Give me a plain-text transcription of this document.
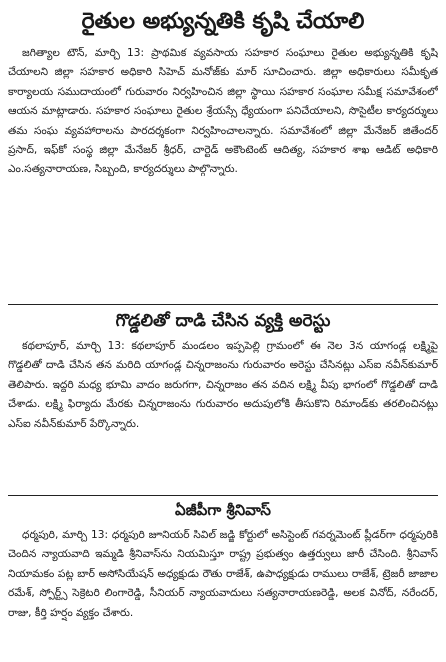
రైతుల అభ్యున్నతికి కృషి చేయాలి

జగిత్యాల టౌన్, మార్చి 13: ప్రాథమిక వ్యవసాయ సహకార సంఘాలు రైతుల అభ్యున్నతికి కృషి చేయాలని జిల్లా సహకార అధికారి సిహెచ్ మనోజ్‌కు మార్ సూచించారు. జిల్లా అధికారులు సమీకృత కార్యాలయ సముదాయంలో గురువారం నిర్వహించిన జిల్లా స్థాయి సహకార సంఘాల సమీక్ష సమావేశంలో ఆయన మాట్లాడారు. సహకార సంఘాలు రైతుల శ్రేయస్సే ధ్యేయంగా పనిచేయాలని, సొసైటీల కార్యదర్శులు తమ సంఘ వ్యవహారాలను పారదర్శకంగా నిర్వహించాలన్నారు. సమావేశంలో జిల్లా మేనేజర్ జితేందర్ ప్రసాద్, ఇఫ్‌కో సంస్థ జిల్లా మేనేజర్ శ్రీధర్, చార్టెడ్ అకౌంటెంట్ ఆదిత్య, సహకార శాఖ ఆడిట్ అధికారి ఎం.సత్యనారాయణ, సిబ్బంది, కార్యదర్శులు పాల్గొన్నారు.

గొడ్డలితో దాడి చేసిన వ్యక్తి అరెస్టు

కథలాపూర్, మార్చి 13: కథలాపూర్ మండలం ఇప్పపెల్లి గ్రామంలో ఈ నెల 3న యాగండ్ల లక్ష్మిపై గొడ్డలితో దాడి చేసిన తన మరిది యాగండ్ల చిన్నరాజంను గురువారం అరెస్టు చేసినట్లు ఎస్ఐ నవీన్‌కుమార్ తెలిపారు. ఇద్దరి మధ్య భూమి వాదం జరుగగా, చిన్నరాజం తన వదిన లక్ష్మి వీపు భాగంలో గొడ్డలితో దాడి చేశాడు. లక్ష్మి ఫిర్యాదు మేరకు చిన్నరాజంను గురువారం అదుపులోకి తీసుకొని రిమాండ్‌కు తరలించినట్లు ఎస్ఐ నవీన్‌కుమార్ పేర్కొన్నారు.

ఏజీపీగా శ్రీనివాస్

ధర్మపురి, మార్చి 13: ధర్మపురి జూనియర్ సివిల్ జడ్జి కోర్టులో అసిస్టెంట్ గవర్నమెంట్ ప్లీడర్‌గా ధర్మపురికి చెందిన న్యాయవాది ఇమ్మడి శ్రీనివాస్‌ను నియమిస్తూ రాష్ట్ర ప్రభుత్వం ఉత్తర్వులు జారీ చేసింది. శ్రీనివాస్ నియామకం పట్ల బార్ అసోసియేషన్ అధ్యక్షుడు రౌతు రాజేశ్, ఉపాధ్యక్షుడు రాములు రాజేశ్, ట్రెజరీ జాజాల రమేశ్, స్పోర్ట్స్ సెక్రెటరి లింగారెడ్డి, సీనియర్ న్యాయవాదులు సత్యనారాయణరెడ్డి, అలక వినోద్, నరేందర్, రాజు, కీర్తి హర్షం వ్యక్తం చేశారు.
